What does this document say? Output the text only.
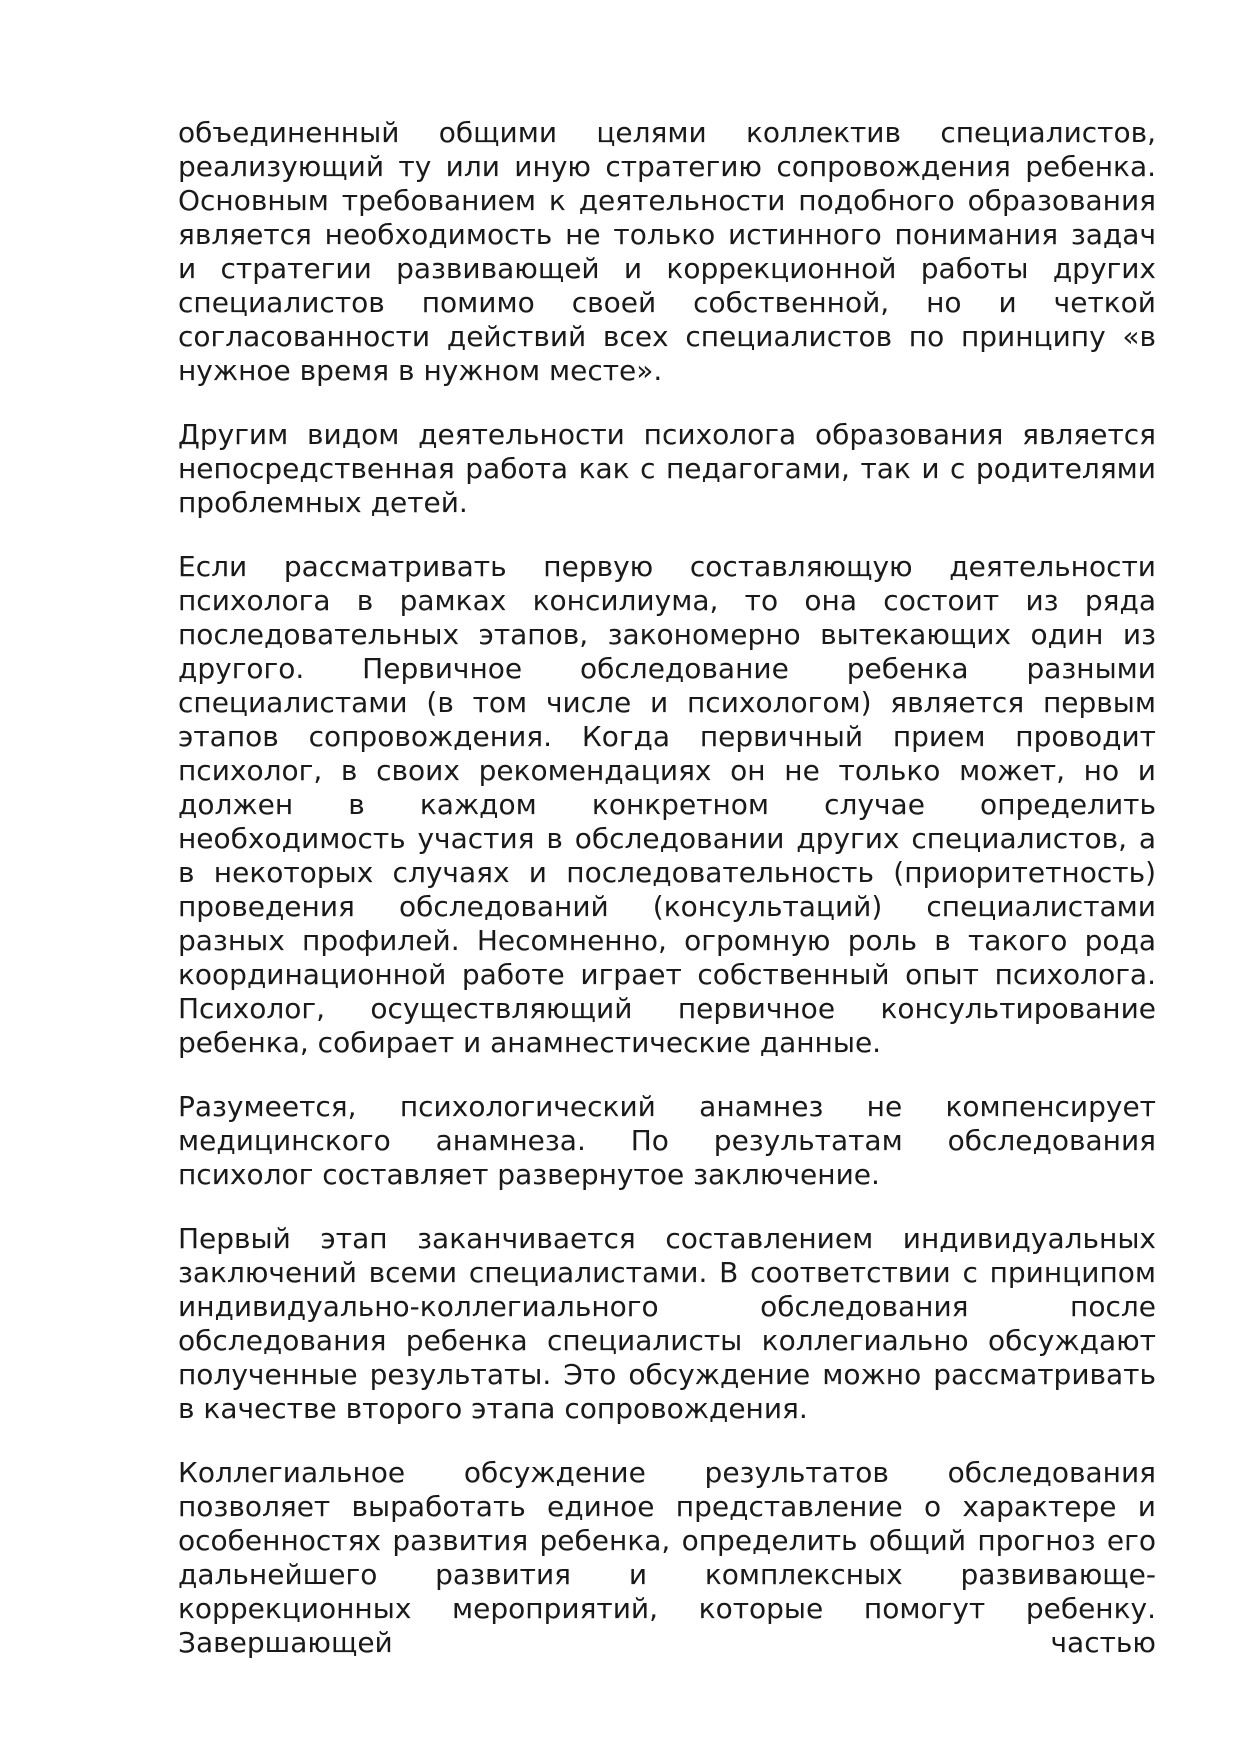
объединенный общими целями коллектив специалистов, реализующий ту или иную стратегию сопровождения ребенка. Основным требованием к деятельности подобного образования является необходимость не только истинного понимания задач и стратегии развивающей и коррекционной работы других специалистов помимо своей собственной, но и четкой согласованности действий всех специалистов по принципу «в нужное время в нужном месте».

Другим видом деятельности психолога образования является непосредственная работа как с педагогами, так и с родителями проблемных детей.

Если рассматривать первую составляющую деятельности психолога в рамках консилиума, то она состоит из ряда последовательных этапов, закономерно вытекающих один из другого. Первичное обследование ребенка разными специалистами (в том числе и психологом) является первым этапов сопровождения. Когда первичный прием проводит психолог, в своих рекомендациях он не только может, но и должен в каждом конкретном случае определить необходимость участия в обследовании других специалистов, а в некоторых случаях и последовательность (приоритетность) проведения обследований (консультаций) специалистами разных профилей. Несомненно, огромную роль в такого рода координационной работе играет собственный опыт психолога. Психолог, осуществляющий первичное консультирование ребенка, собирает и анамнестические данные.

Разумеется, психологический анамнез не компенсирует медицинского анамнеза. По результатам обследования психолог составляет развернутое заключение.

Первый этап заканчивается составлением индивидуальных заключений всеми специалистами. В соответствии с принципом индивидуально-коллегиального обследования после обследования ребенка специалисты коллегиально обсуждают полученные результаты. Это обсуждение можно рассматривать в качестве второго этапа сопровождения.

Коллегиальное обсуждение результатов обследования позволяет выработать единое представление о характере и особенностях развития ребенка, определить общий прогноз его дальнейшего развития и комплексных развивающе-коррекционных мероприятий, которые помогут ребенку. Завершающей частью
